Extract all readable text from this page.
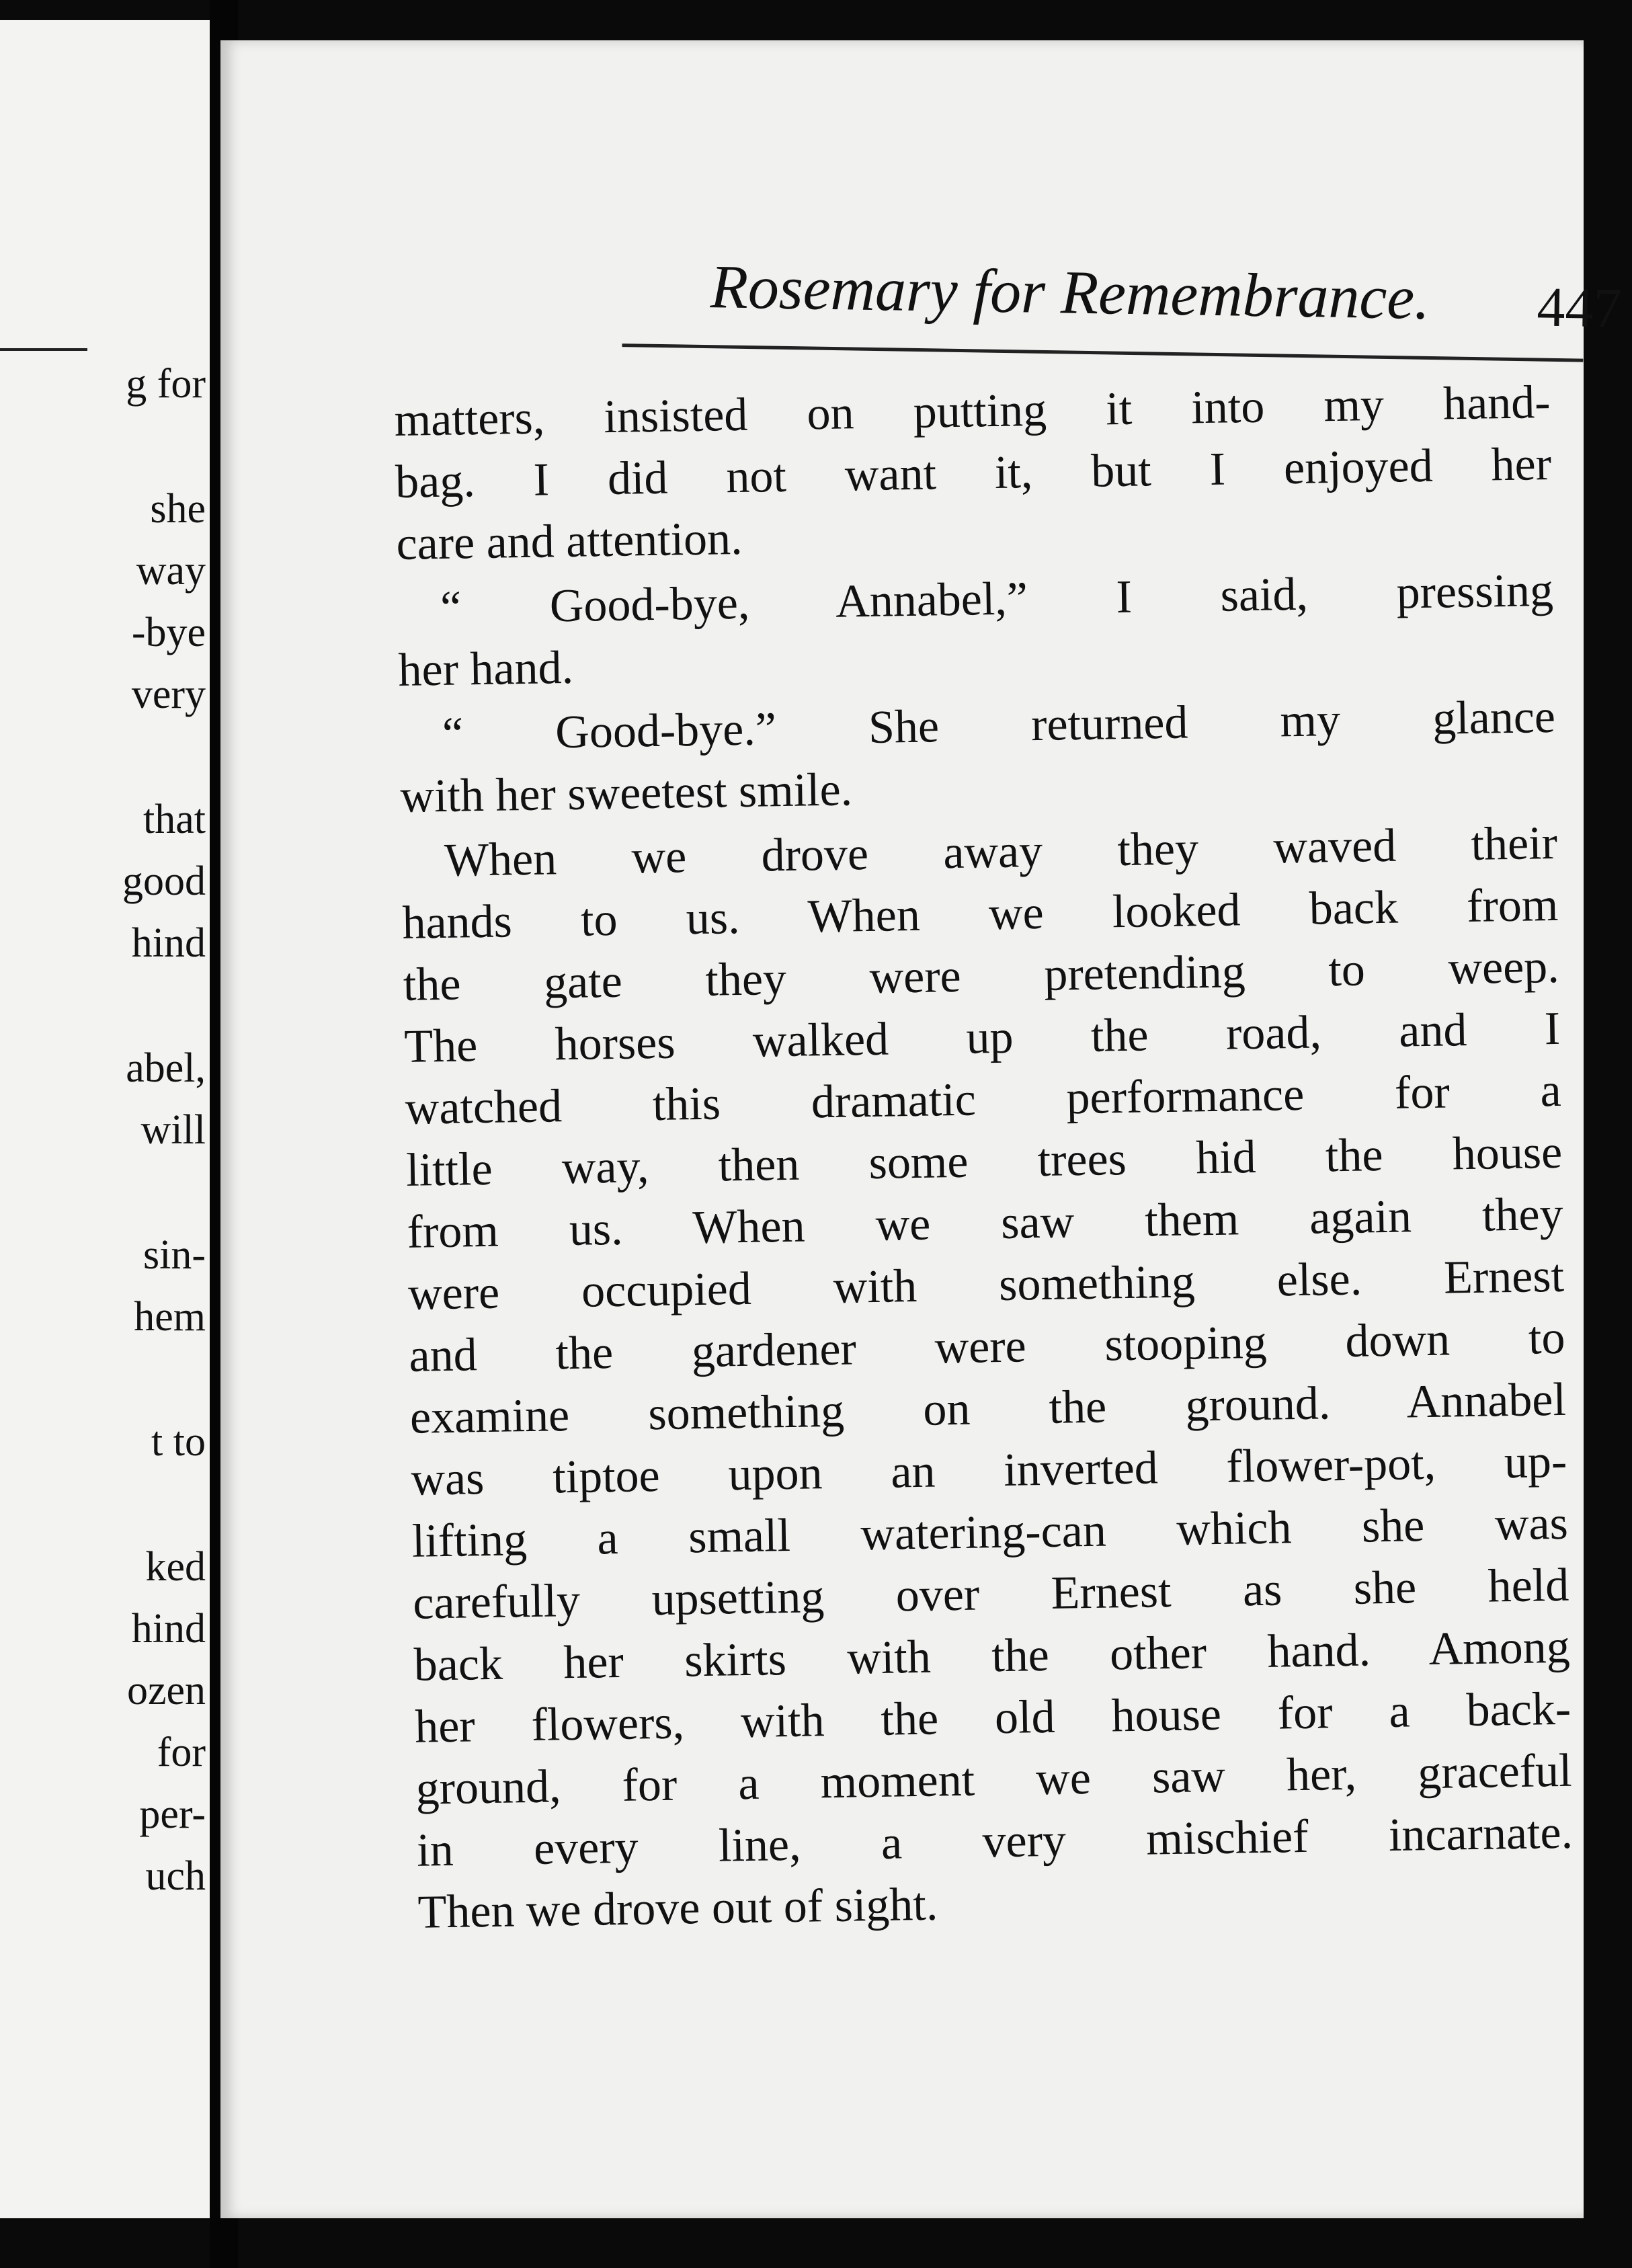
g for
she
way
-bye
very
that
good
hind
abel,
will
sin-
hem
t to
ked
hind
ozen
for
per-
uch
Rosemary for Remembrance. 447
matters, insisted on putting it into my hand-
bag. I did not want it, but I enjoyed her
care and attention.
“ Good-bye, Annabel,” I said, pressing
her hand.
“ Good-bye.” She returned my glance
with her sweetest smile.
When we drove away they waved their
hands to us. When we looked back from
the gate they were pretending to weep.
The horses walked up the road, and I
watched this dramatic performance for a
little way, then some trees hid the house
from us. When we saw them again they
were occupied with something else. Ernest
and the gardener were stooping down to
examine something on the ground. Annabel
was tiptoe upon an inverted flower-pot, up-
lifting a small watering-can which she was
carefully upsetting over Ernest as she held
back her skirts with the other hand. Among
her flowers, with the old house for a back-
ground, for a moment we saw her, graceful
in every line, a very mischief incarnate.
Then we drove out of sight.
